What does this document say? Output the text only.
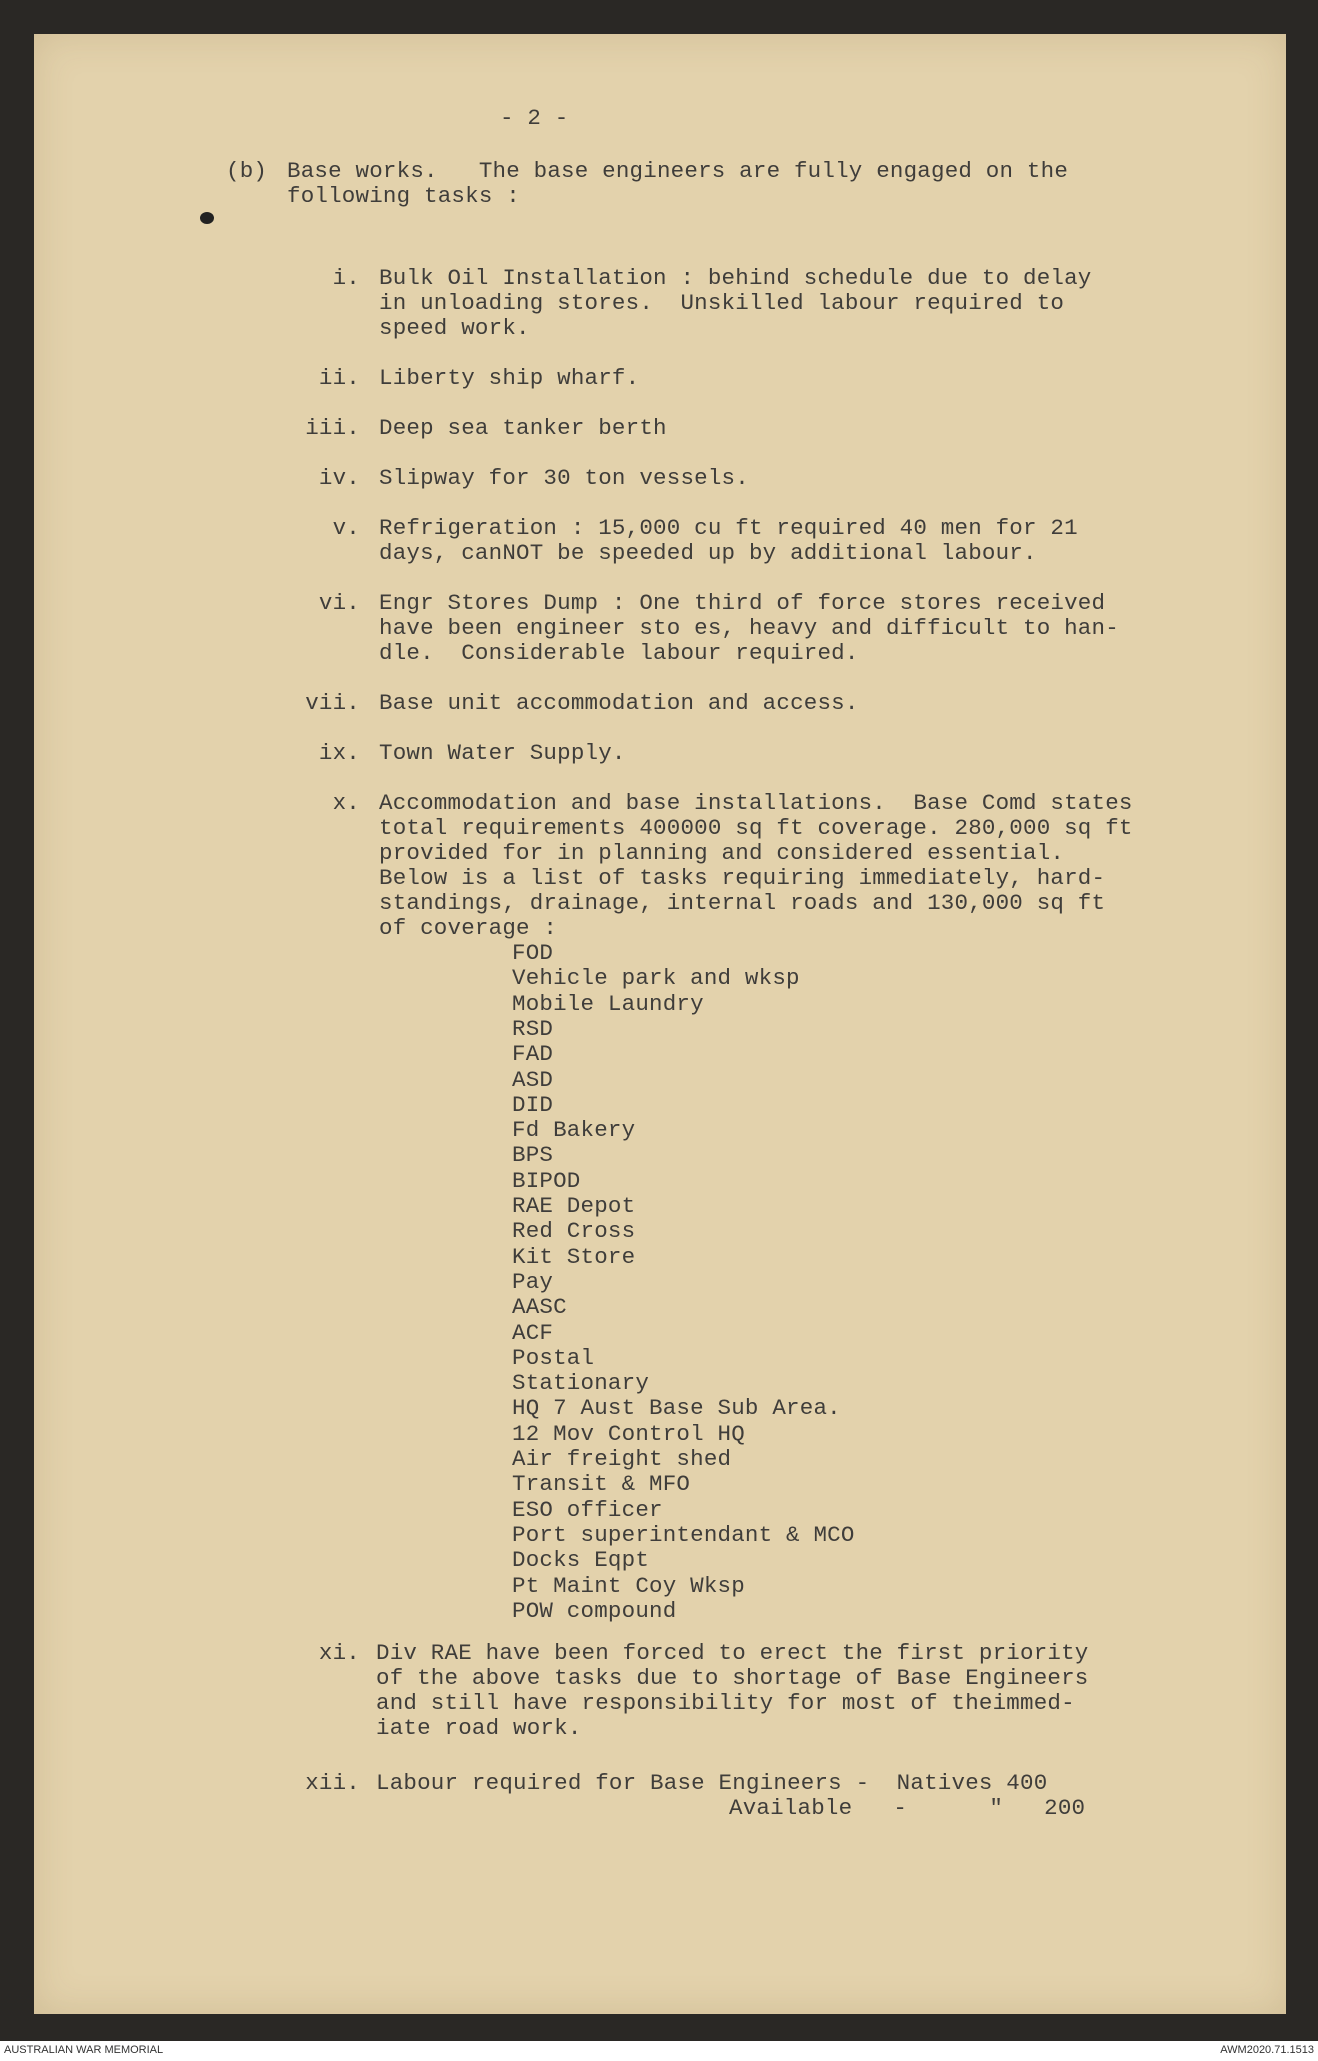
- 2 -
(b) Base works.   The base engineers are fully engaged on the
following tasks :
i. Bulk Oil Installation : behind schedule due to delay
in unloading stores.  Unskilled labour required to
speed work.
ii. Liberty ship wharf.
iii. Deep sea tanker berth
iv. Slipway for 30 ton vessels.
v. Refrigeration : 15,000 cu ft required 40 men for 21
days, canNOT be speeded up by additional labour.
vi. Engr Stores Dump : One third of force stores received
have been engineer sto es, heavy and difficult to han-
dle.  Considerable labour required.
vii. Base unit accommodation and access.
ix. Town Water Supply.
x. Accommodation and base installations.  Base Comd states
total requirements 400000 sq ft coverage. 280,000 sq ft
provided for in planning and considered essential.
Below is a list of tasks requiring immediately, hard-
standings, drainage, internal roads and 130,000 sq ft
of coverage :
FOD
Vehicle park and wksp
Mobile Laundry
RSD
FAD
ASD
DID
Fd Bakery
BPS
BIPOD
RAE Depot
Red Cross
Kit Store
Pay
AASC
ACF
Postal
Stationary
HQ 7 Aust Base Sub Area.
12 Mov Control HQ
Air freight shed
Transit & MFO
ESO officer
Port superintendant & MCO
Docks Eqpt
Pt Maint Coy Wksp
POW compound
xi. Div RAE have been forced to erect the first priority
of the above tasks due to shortage of Base Engineers
and still have responsibility for most of theimmed-
iate road work.
xii. Labour required for Base Engineers -  Natives 400
Available   -      "   200
AUSTRALIAN WAR MEMORIAL	AWM2020.71.1513
